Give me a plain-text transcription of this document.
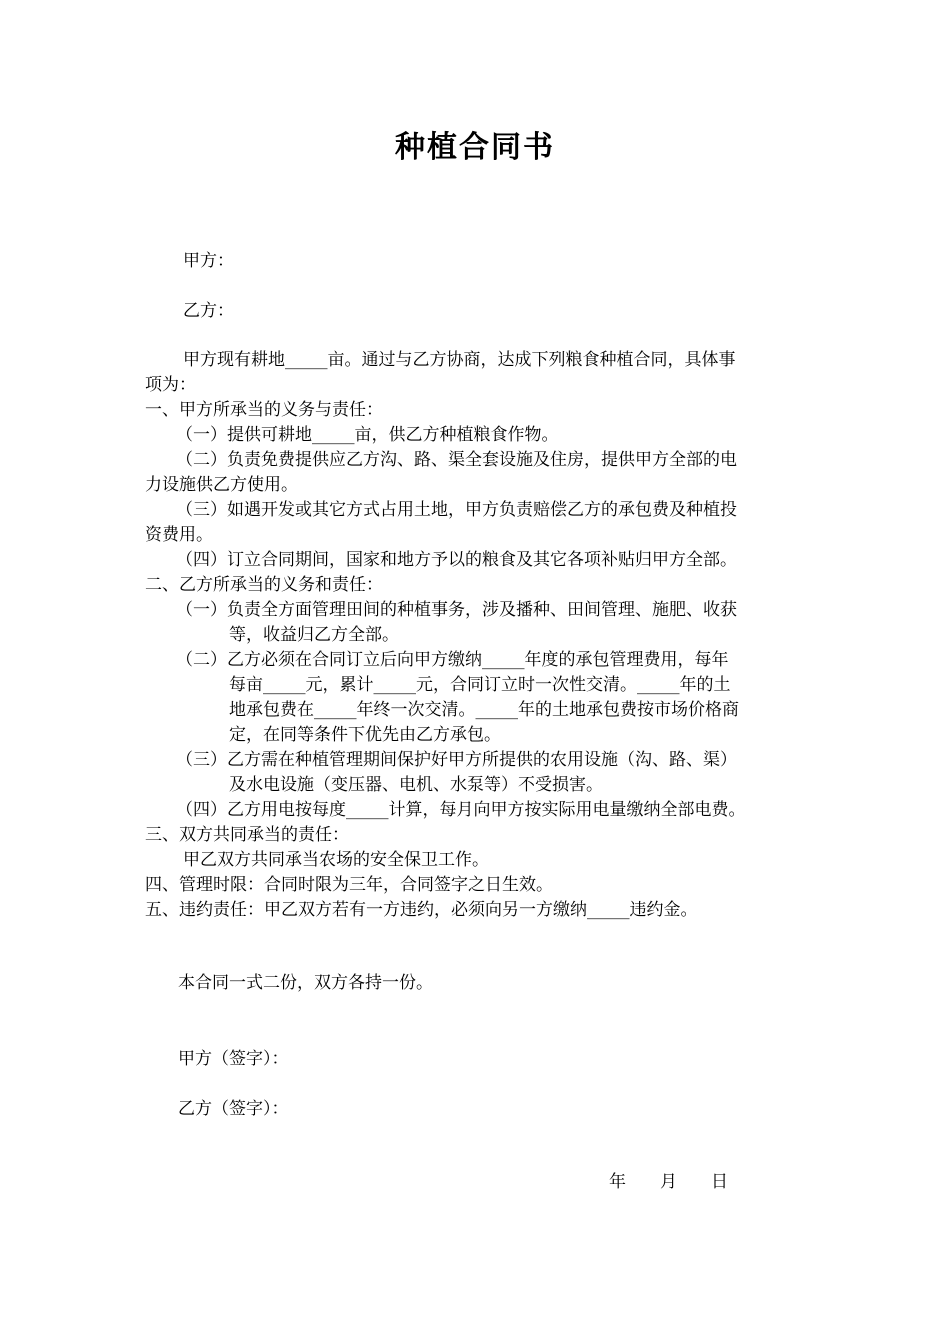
种植合同书
甲方：
乙方：
甲方现有耕地_____亩。通过与乙方协商，达成下列粮食种植合同，具体事
项为：
一、甲方所承当的义务与责任：
（一）提供可耕地_____亩，供乙方种植粮食作物。
（二）负责免费提供应乙方沟、路、渠全套设施及住房，提供甲方全部的电
力设施供乙方使用。
（三）如遇开发或其它方式占用土地，甲方负责赔偿乙方的承包费及种植投
资费用。
（四）订立合同期间，国家和地方予以的粮食及其它各项补贴归甲方全部。
二、乙方所承当的义务和责任：
（一）负责全方面管理田间的种植事务，涉及播种、田间管理、施肥、收获
等，收益归乙方全部。
（二）乙方必须在合同订立后向甲方缴纳_____年度的承包管理费用，每年
每亩_____元，累计_____元，合同订立时一次性交清。_____年的土
地承包费在_____年终一次交清。_____年的土地承包费按市场价格商
定，在同等条件下优先由乙方承包。
（三）乙方需在种植管理期间保护好甲方所提供的农用设施（沟、路、渠）
及水电设施（变压器、电机、水泵等）不受损害。
（四）乙方用电按每度_____计算，每月向甲方按实际用电量缴纳全部电费。
三、双方共同承当的责任：
甲乙双方共同承当农场的安全保卫工作。
四、管理时限：合同时限为三年，合同签字之日生效。
五、违约责任：甲乙双方若有一方违约，必须向另一方缴纳_____违约金。
本合同一式二份，双方各持一份。
甲方（签字）：
乙方（签字）：
年　　月　　日
